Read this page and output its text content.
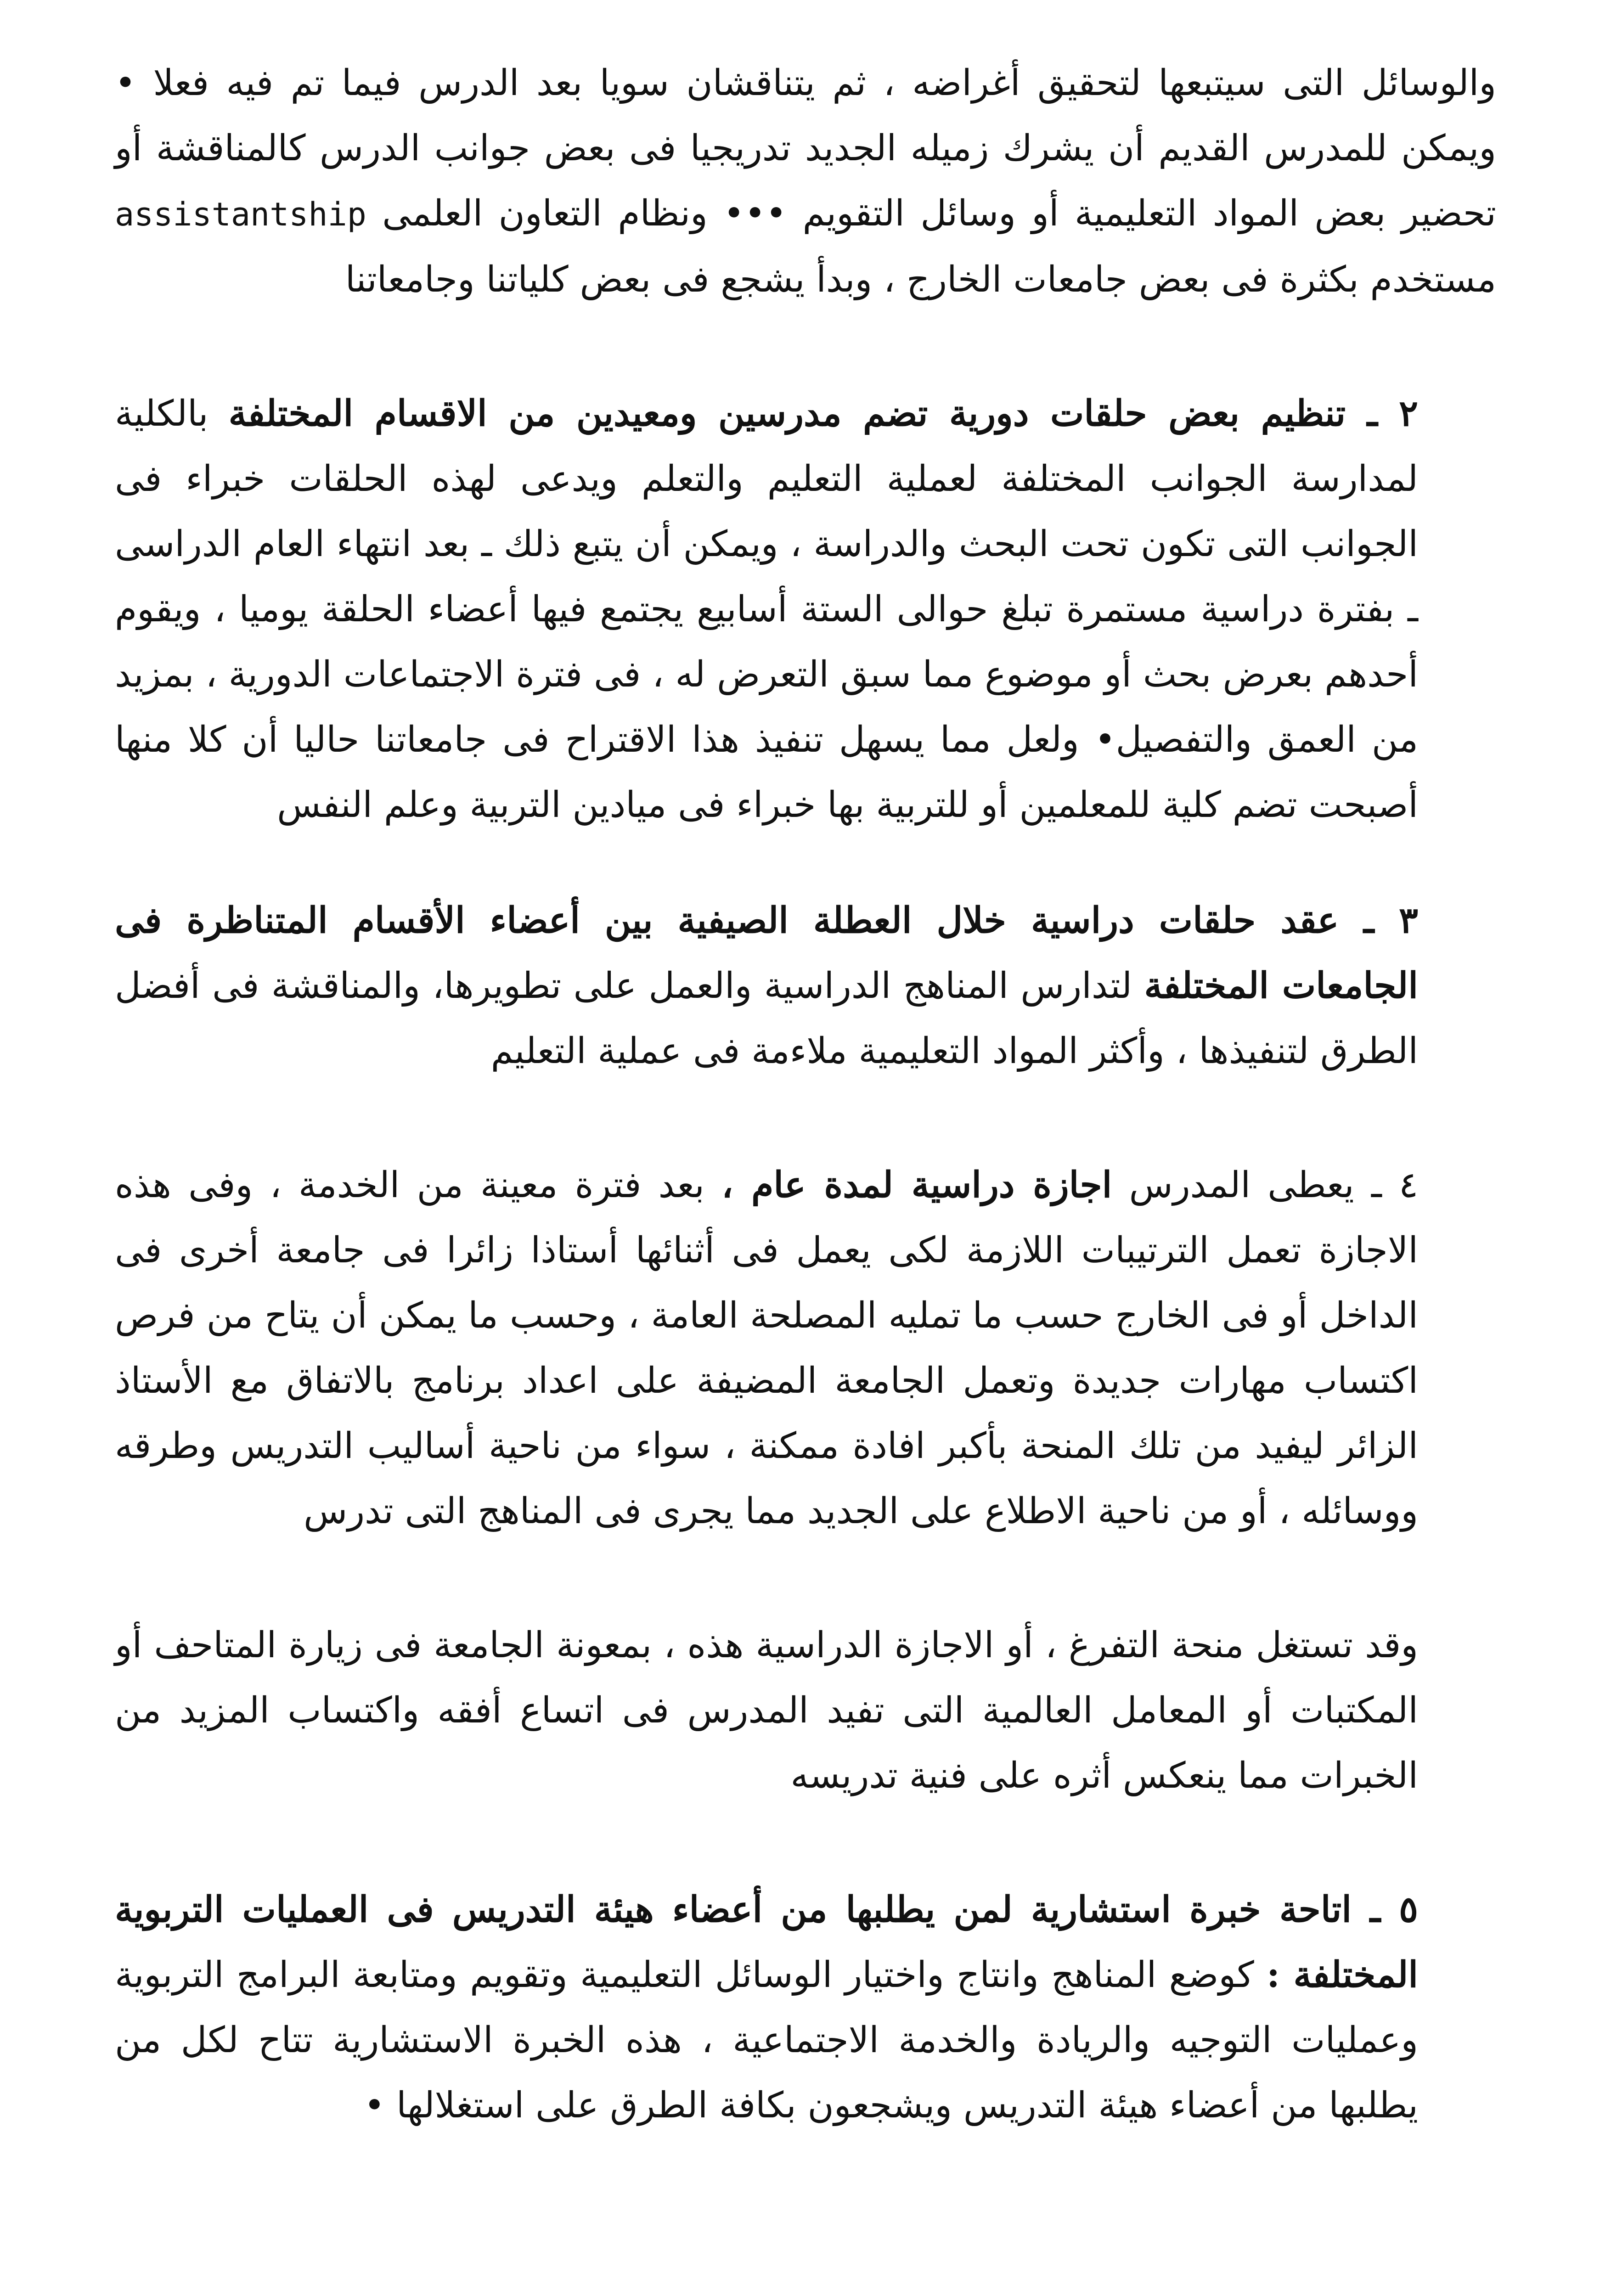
والوسائل التى سيتبعها لتحقيق أغراضه ، ثم يتناقشان سويا بعد الدرس فيما تم فيه فعلا • ويمكن للمدرس القديم أن يشرك زميله الجديد تدريجيا فى بعض جوانب الدرس كالمناقشة أو تحضير بعض المواد التعليمية أو وسائل التقويم ••• ونظام التعاون العلمى assistantship مستخدم بكثرة فى بعض جامعات الخارج ، وبدأ يشجع فى بعض كلياتنا وجامعاتنا

٢ ـ تنظيم بعض حلقات دورية تضم مدرسين ومعيدين من الاقسام المختلفة بالكلية لمدارسة الجوانب المختلفة لعملية التعليم والتعلم ويدعى لهذه الحلقات خبراء فى الجوانب التى تكون تحت البحث والدراسة ، ويمكن أن يتبع ذلك ـ بعد انتهاء العام الدراسى ـ بفترة دراسية مستمرة تبلغ حوالى الستة أسابيع يجتمع فيها أعضاء الحلقة يوميا ، ويقوم أحدهم بعرض بحث أو موضوع مما سبق التعرض له ، فى فترة الاجتماعات الدورية ، بمزيد من العمق والتفصيل• ولعل مما يسهل تنفيذ هذا الاقتراح فى جامعاتنا حاليا أن كلا منها أصبحت تضم كلية للمعلمين أو للتربية بها خبراء فى ميادين التربية وعلم النفس

٣ ـ عقد حلقات دراسية خلال العطلة الصيفية بين أعضاء الأقسام المتناظرة فى الجامعات المختلفة لتدارس المناهج الدراسية والعمل على تطويرها، والمناقشة فى أفضل الطرق لتنفيذها ، وأكثر المواد التعليمية ملاءمة فى عملية التعليم

٤ ـ يعطى المدرس اجازة دراسية لمدة عام ، بعد فترة معينة من الخدمة ، وفى هذه الاجازة تعمل الترتيبات اللازمة لكى يعمل فى أثنائها أستاذا زائرا فى جامعة أخرى فى الداخل أو فى الخارج حسب ما تمليه المصلحة العامة ، وحسب ما يمكن أن يتاح من فرص اكتساب مهارات جديدة وتعمل الجامعة المضيفة على اعداد برنامج بالاتفاق مع الأستاذ الزائر ليفيد من تلك المنحة بأكبر افادة ممكنة ، سواء من ناحية أساليب التدريس وطرقه ووسائله ، أو من ناحية الاطلاع على الجديد مما يجرى فى المناهج التى تدرس

وقد تستغل منحة التفرغ ، أو الاجازة الدراسية هذه ، بمعونة الجامعة فى زيارة المتاحف أو المكتبات أو المعامل العالمية التى تفيد المدرس فى اتساع أفقه واكتساب المزيد من الخبرات مما ينعكس أثره على فنية تدريسه

٥ ـ اتاحة خبرة استشارية لمن يطلبها من أعضاء هيئة التدريس فى العمليات التربوية المختلفة : كوضع المناهج وانتاج واختيار الوسائل التعليمية وتقويم ومتابعة البرامج التربوية وعمليات التوجيه والريادة والخدمة الاجتماعية ، هذه الخبرة الاستشارية تتاح لكل من يطلبها من أعضاء هيئة التدريس ويشجعون بكافة الطرق على استغلالها •
